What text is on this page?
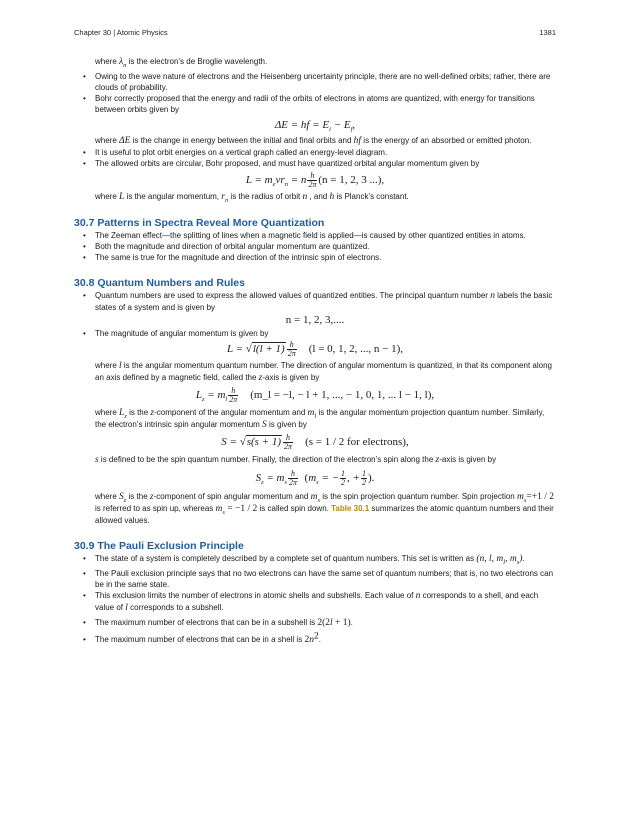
Chapter 30 | Atomic Physics	1381
where $\lambda_n$ is the electron’s de Broglie wavelength.
• Owing to the wave nature of electrons and the Heisenberg uncertainty principle, there are no well-defined orbits; rather, there are clouds of probability.
• Bohr correctly proposed that the energy and radii of the orbits of electrons in atoms are quantized, with energy for transitions between orbits given by
ΔE = hf = $E_i - E_f$,
where ΔE is the change in energy between the initial and final orbits and hf is the energy of an absorbed or emitted photon.
• It is useful to plot orbit energies on a vertical graph called an energy-level diagram.
• The allowed orbits are circular, Bohr proposed, and must have quantized orbital angular momentum given by
$L = m_evr_n = n \frac{h}{2\pi} (n = 1$, 2, 3 ...),
where L is the angular momentum, $r_n$ is the radius of orbit n , and h is Planck’s constant.
30.7 Patterns in Spectra Reveal More Quantization
• The Zeeman effect—the splitting of lines when a magnetic field is applied—is caused by other quantized entities in atoms.
• Both the magnitude and direction of orbital angular momentum are quantized.
• The same is true for the magnitude and direction of the intrinsic spin of electrons.
30.8 Quantum Numbers and Rules
• Quantum numbers are used to express the allowed values of quantized entities. The principal quantum number n labels the basic states of a system and is given by
n = 1, 2, 3,....
• The magnitude of angular momentum is given by
$L = √l(l + 1) \frac{h}{2\pi} (l = 0$, 1, 2, ..., n − 1),
where l is the angular momentum quantum number. The direction of angular momentum is quantized, in that its component along an axis defined by a magnetic field, called the z-axis is given by
$L_z = m_l \frac{h}{2\pi}$ (m_l = −l, − l + 1, ..., − 1, 0, 1, ... l − 1, l),
where $L_z$ is the z-component of the angular momentum and $m_l$ is the angular momentum projection quantum number. Similarly, the electron’s intrinsic spin angular momentum S is given by
$S = √s(s + 1) \frac{h}{2\pi} (s = 1 / 2$ for electrons),
s is defined to be the spin quantum number. Finally, the direction of the electron’s spin along the z-axis is given by
$S_z = m_s \frac{h}{2\pi} (m_s$ = − $\frac{1}{2}$ , + $\frac{1}{2}$ ).
where $S_z$ is the z-component of spin angular momentum and $m_s$ is the spin projection quantum number. Spin projection $m_s=+1 / 2$ is referred to as spin up, whereas $m_s = -1 / 2$ is called spin down. Table 30.1 summarizes the atomic quantum numbers and their allowed values.
30.9 The Pauli Exclusion Principle
• The state of a system is completely described by a complete set of quantum numbers. This set is written as (n, l, $m_l$, $m_s$).
• The Pauli exclusion principle says that no two electrons can have the same set of quantum numbers; that is, no two electrons can be in the same state.
• This exclusion limits the number of electrons in atomic shells and subshells. Each value of n corresponds to a shell, and each value of l corresponds to a subshell.
• The maximum number of electrons that can be in a subshell is 2(2l + 1).
• The maximum number of electrons that can be in a shell is $2n^2$.
